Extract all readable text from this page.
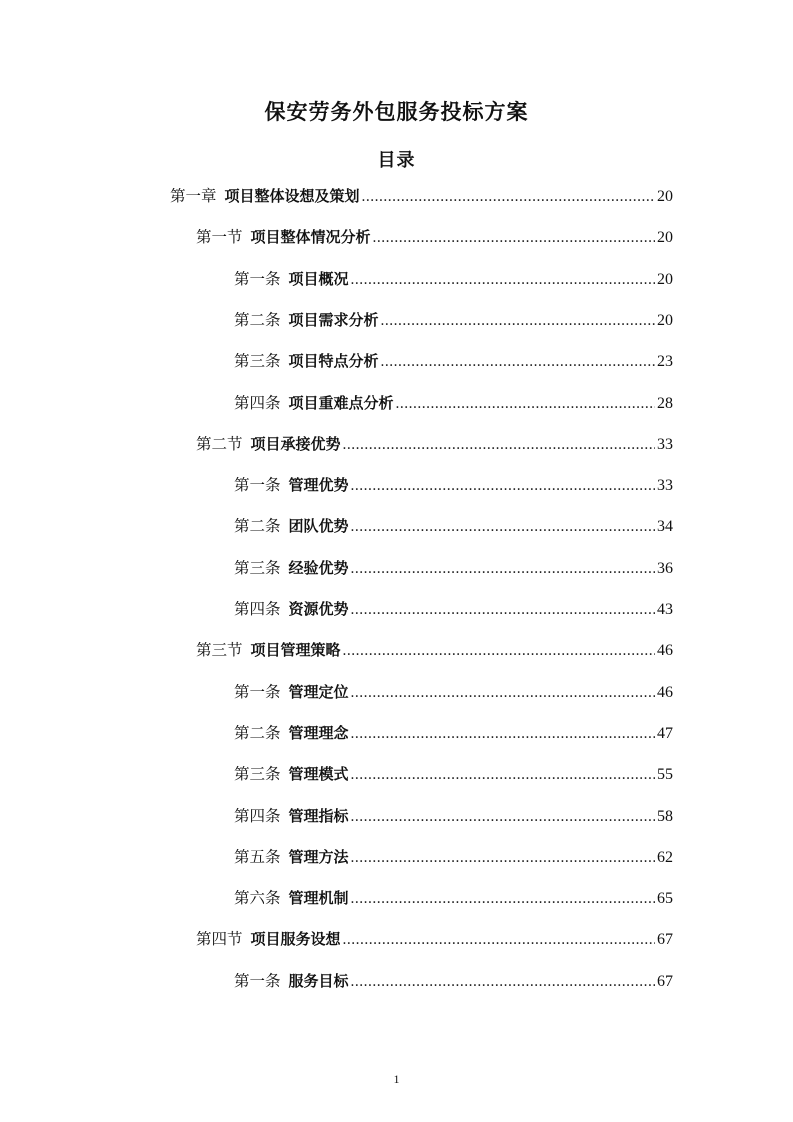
保安劳务外包服务投标方案
目录
第一章 项目整体设想及策划 .....	20
第一节 项目整体情况分析 .....	20
第一条 项目概况 .....	20
第二条 项目需求分析 .....	20
第三条 项目特点分析 .....	23
第四条 项目重难点分析 .....	28
第二节 项目承接优势 .....	33
第一条 管理优势 .....	33
第二条 团队优势 .....	34
第三条 经验优势 .....	36
第四条 资源优势 .....	43
第三节 项目管理策略 .....	46
第一条 管理定位 .....	46
第二条 管理理念 .....	47
第三条 管理模式 .....	55
第四条 管理指标 .....	58
第五条 管理方法 .....	62
第六条 管理机制 .....	65
第四节 项目服务设想 .....	67
第一条 服务目标 .....	67
1
